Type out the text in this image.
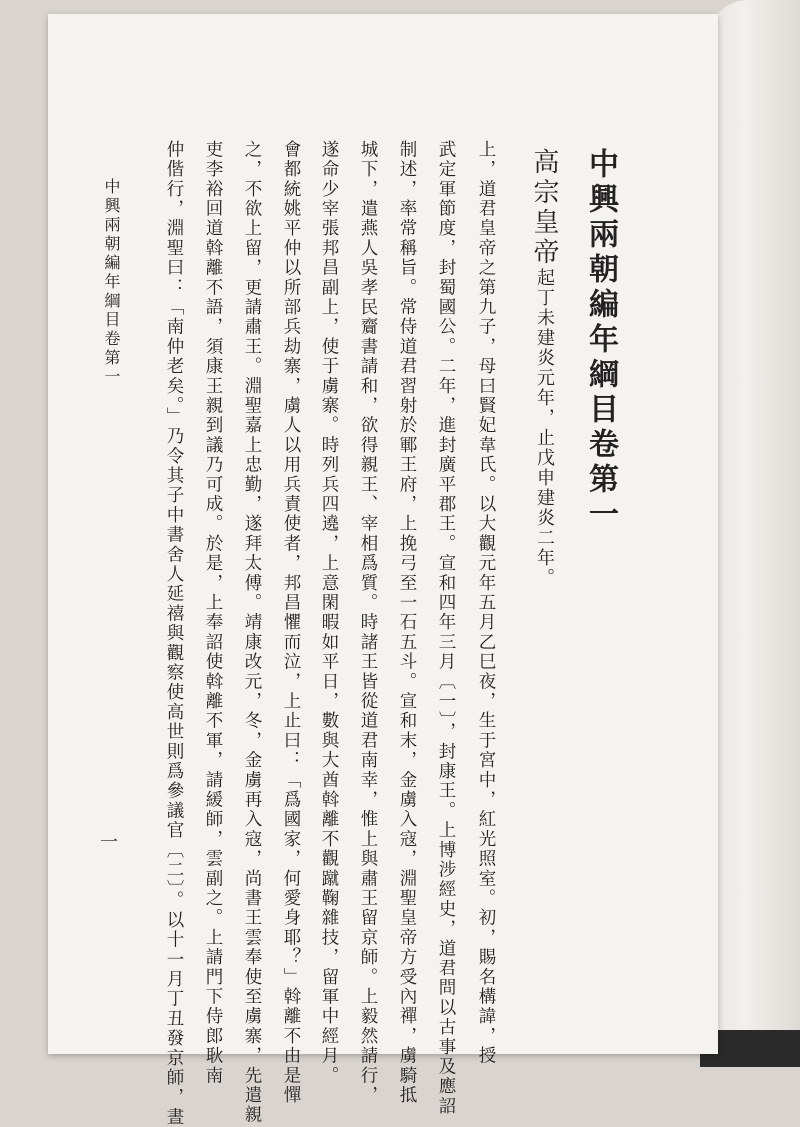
中興兩朝編年綱目卷第一
高宗皇帝起丁未建炎元年，止戊申建炎二年。
上，道君皇帝之第九子，母曰賢妃韋氏。以大觀元年五月乙巳夜，生于宮中，紅光照室。初，賜名構諱，授
武定軍節度，封蜀國公。二年，進封廣平郡王。宣和四年三月〔一〕，封康王。上博涉經史，道君問以古事及應詔
制述，率常稱旨。常侍道君習射於鄆王府，上挽弓至一石五斗。宣和末，金虜入寇，淵聖皇帝方受內禪，虜騎抵
城下，遣燕人吳孝民齎書請和，欲得親王、宰相爲質。時諸王皆從道君南幸，惟上與肅王留京師。上毅然請行，
遂命少宰張邦昌副上，使于虜寨。時列兵四遶，上意閑暇如平日，數與大酋斡離不觀蹴鞠雜技，留軍中經月。
會都統姚平仲以所部兵劫寨，虜人以用兵責使者，邦昌懼而泣，上止曰：「爲國家，何愛身耶？」斡離不由是憚
之，不欲上留，更請肅王。淵聖嘉上忠勤，遂拜太傅。靖康改元，冬，金虜再入寇，尚書王雲奉使至虜寨，先遣親
吏李裕回道斡離不語，須康王親到議乃可成。於是，上奉詔使斡離不軍，請緩師，雲副之。上請門下侍郎耿南
仲偕行，淵聖曰：「南仲老矣。」乃令其子中書舍人延禧與觀察使高世則爲參議官〔二〕。以十一月丁丑發京師，晝
中興兩朝編年綱目卷第一
一
